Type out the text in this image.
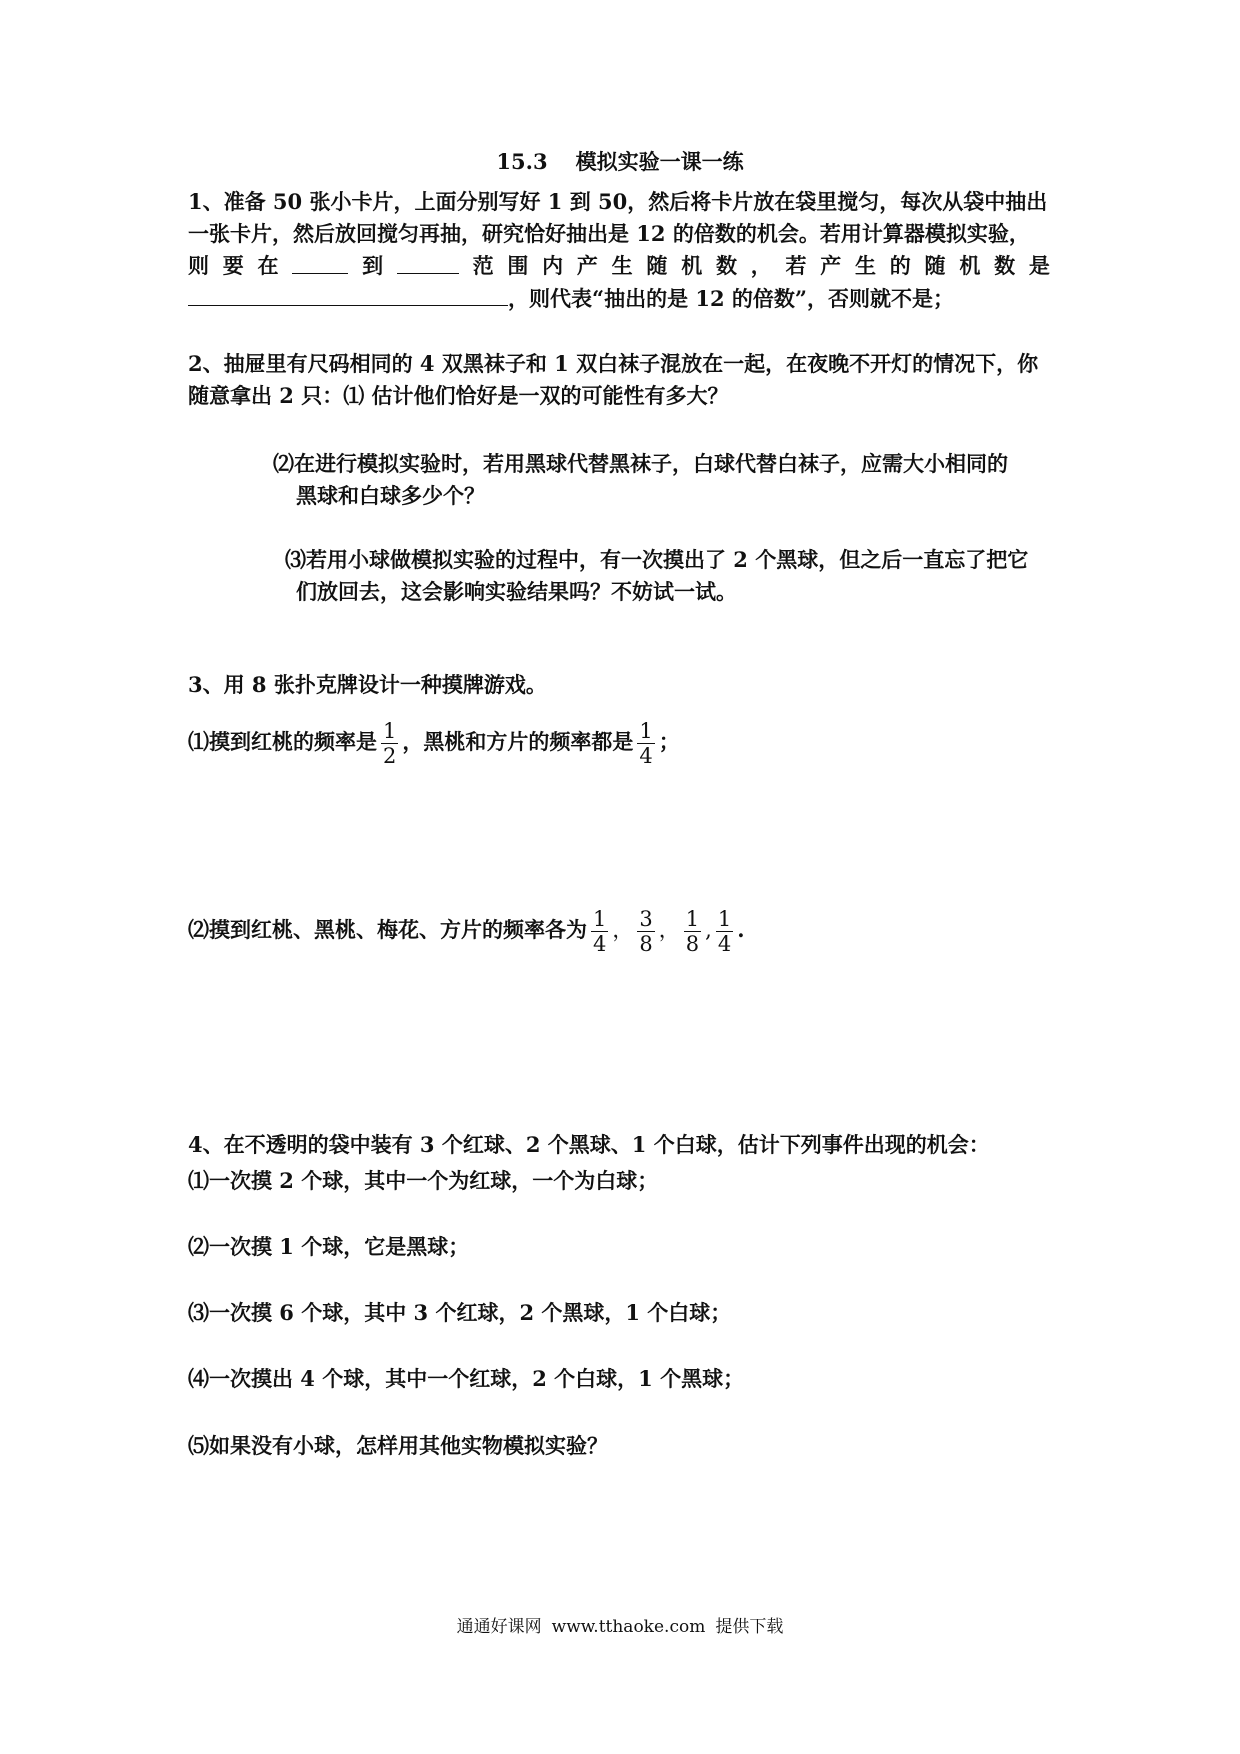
15.3 模拟实验一课一练
1、准备 50 张小卡片，上面分别写好 1 到 50，然后将卡片放在袋里搅匀，每次从袋中抽出
一张卡片，然后放回搅匀再抽，研究恰好抽出是 12 的倍数的机会。若用计算器模拟实验，
则 要 在	到	范 围 内 产 生 随 机 数 ， 若 产 生 的 随 机 数 是
，则代表“抽出的是 12 的倍数”，否则就不是；
2、抽屉里有尺码相同的 4 双黑袜子和 1 双白袜子混放在一起，在夜晚不开灯的情况下，你
随意拿出 2 只：⑴ 估计他们恰好是一双的可能性有多大？
⑵在进行模拟实验时，若用黑球代替黑袜子，白球代替白袜子，应需大小相同的
黑球和白球多少个？
⑶若用小球做模拟实验的过程中，有一次摸出了 2 个黑球，但之后一直忘了把它
们放回去，这会影响实验结果吗？不妨试一试。
3、用 8 张扑克牌设计一种摸牌游戏。
⑴摸到红桃的频率是 $\frac{1}{2}$ ，黑桃和方片的频率都是 $\frac{1}{4}$ ；
⑵摸到红桃、黑桃、梅花、方片的频率各为 $\frac{1}{4}$ ， $\frac{3}{8}$ ， $\frac{1}{8}$ , $\frac{1}{4}$ .
4、在不透明的袋中装有 3 个红球、2 个黑球、1 个白球，估计下列事件出现的机会：
⑴一次摸 2 个球，其中一个为红球，一个为白球；
⑵一次摸 1 个球，它是黑球；
⑶一次摸 6 个球，其中 3 个红球，2 个黑球，1 个白球；
⑷一次摸出 4 个球，其中一个红球，2 个白球，1 个黑球；
⑸如果没有小球，怎样用其他实物模拟实验？
通通好课网 www.tthaoke.com 提供下载
